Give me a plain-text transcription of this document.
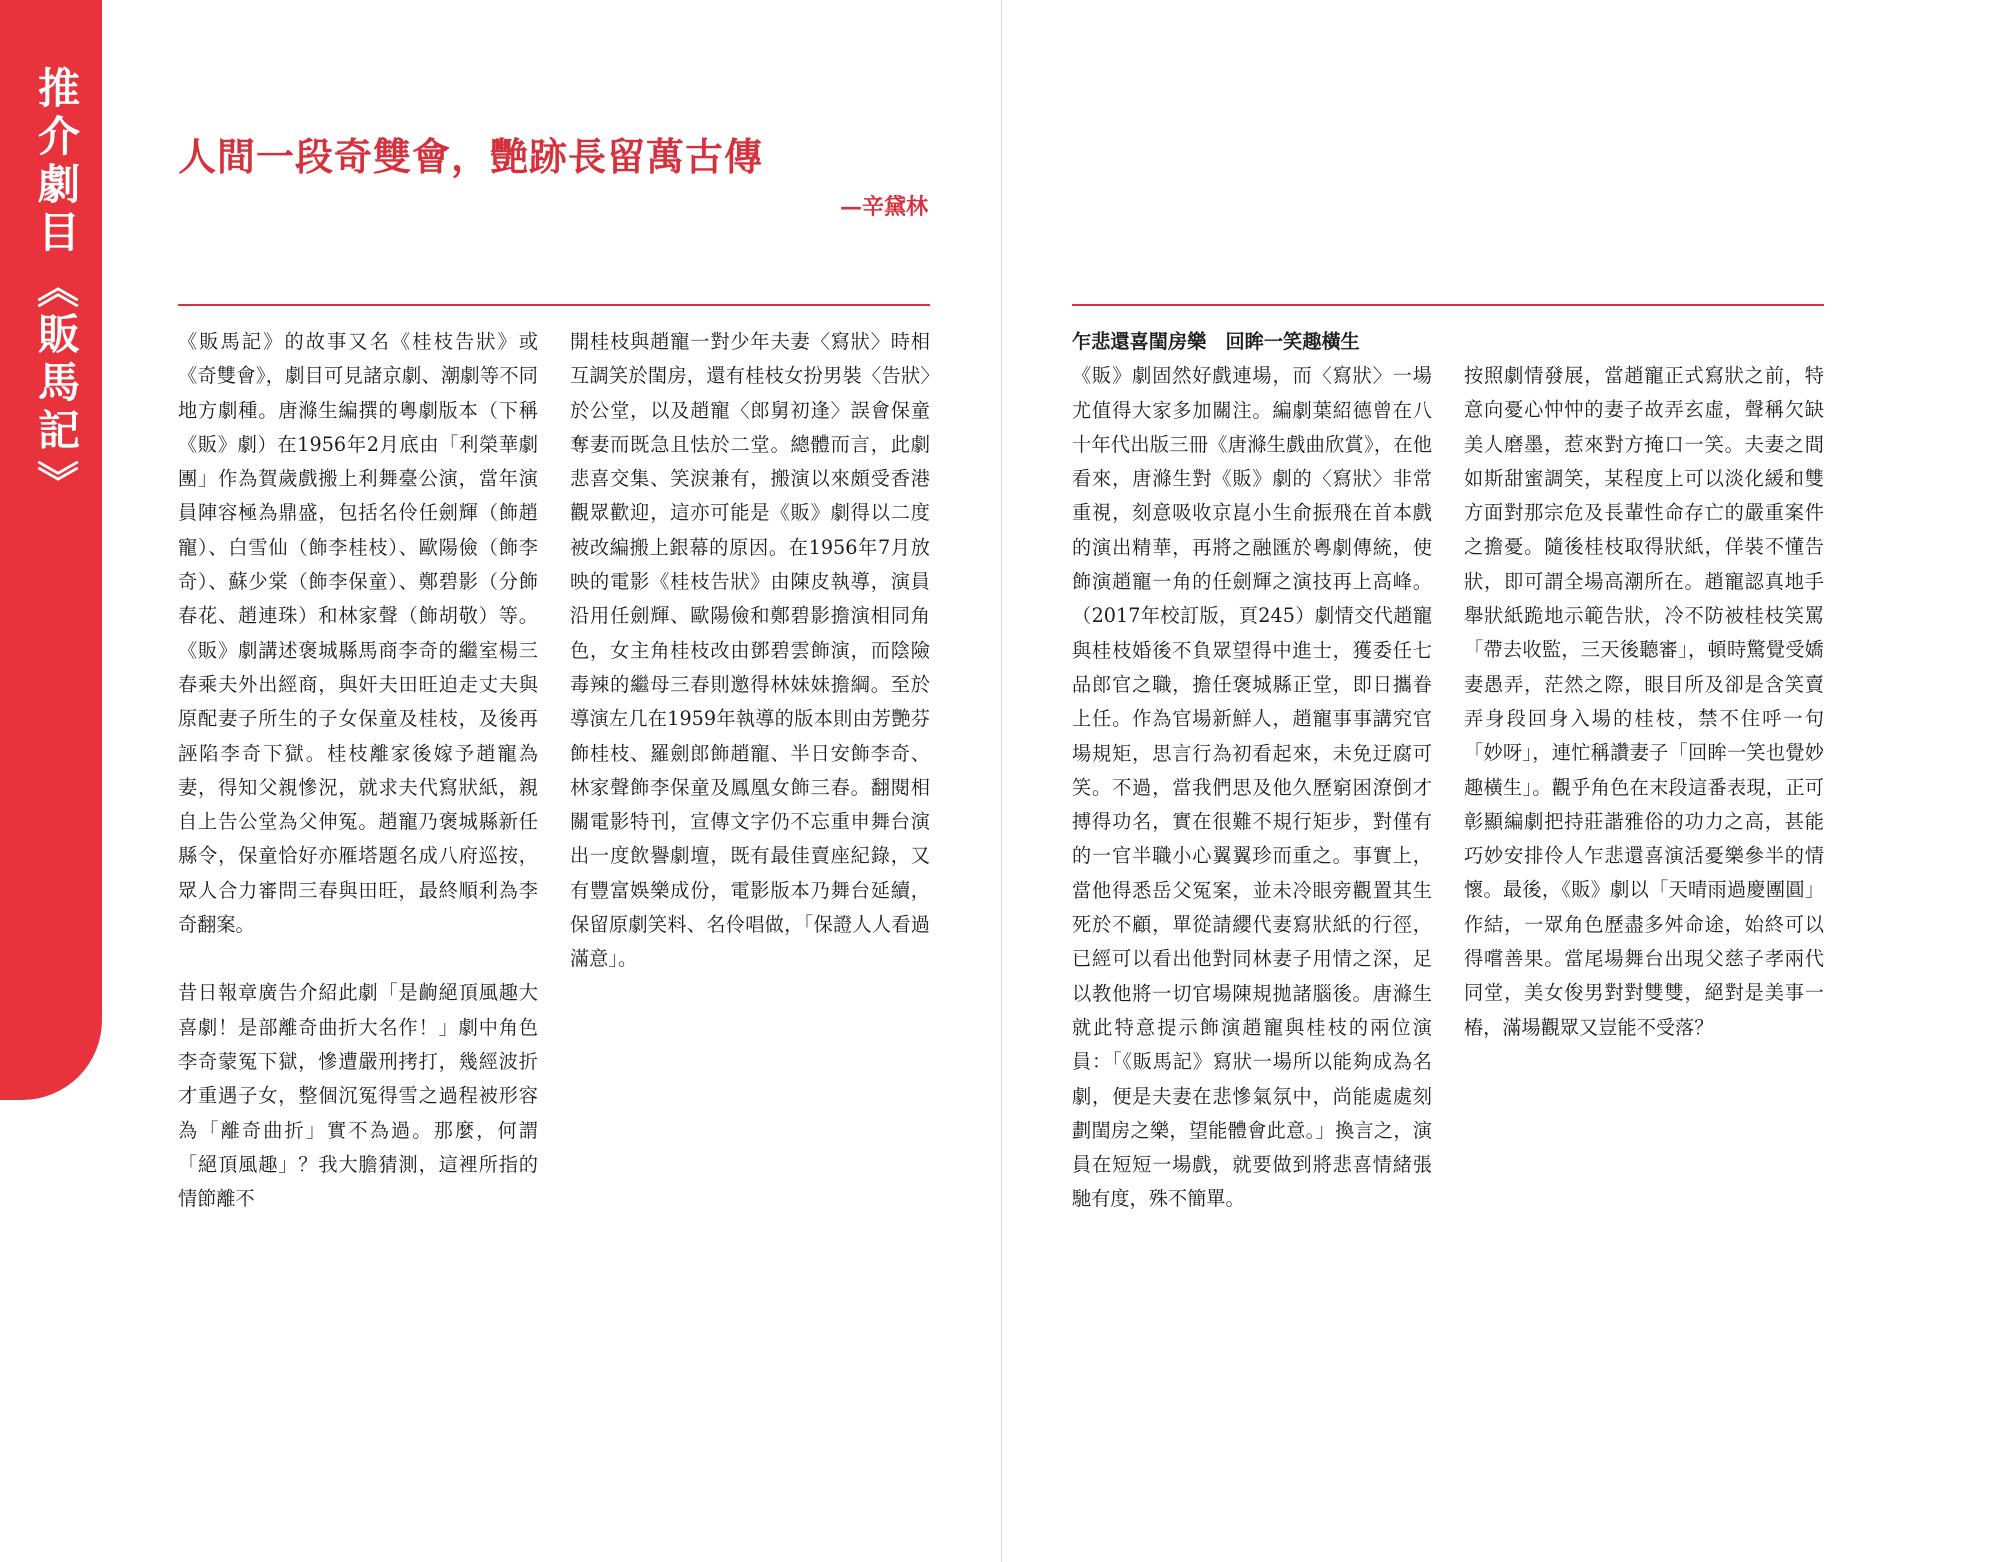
推介劇目
《
販馬記
》
人間一段奇雙會，艷跡長留萬古傳
—辛黛林

《販馬記》的故事又名《桂枝告狀》或《奇雙會》，劇目可見諸京劇、潮劇等不同地方劇種。唐滌生編撰的粵劇版本（下稱《販》劇）在1956年2月底由「利榮華劇團」作為賀歲戲搬上利舞臺公演，當年演員陣容極為鼎盛，包括名伶任劍輝（飾趙寵）、白雪仙（飾李桂枝）、歐陽儉（飾李奇）、蘇少棠（飾李保童）、鄭碧影（分飾春花、趙連珠）和林家聲（飾胡敬）等。《販》劇講述褒城縣馬商李奇的繼室楊三春乘夫外出經商，與奸夫田旺迫走丈夫與原配妻子所生的子女保童及桂枝，及後再誣陷李奇下獄。桂枝離家後嫁予趙寵為妻，得知父親慘況，就求夫代寫狀紙，親自上告公堂為父伸冤。趙寵乃褒城縣新任縣令，保童恰好亦雁塔題名成八府巡按，眾人合力審問三春與田旺，最終順利為李奇翻案。

昔日報章廣告介紹此劇「是齣絕頂風趣大喜劇！是部離奇曲折大名作！」劇中角色李奇蒙冤下獄，慘遭嚴刑拷打，幾經波折才重遇子女，整個沉冤得雪之過程被形容為「離奇曲折」實不為過。那麼，何謂「絕頂風趣」？我大膽猜測，這裡所指的情節離不

開桂枝與趙寵一對少年夫妻〈寫狀〉時相互調笑於閨房，還有桂枝女扮男裝〈告狀〉於公堂，以及趙寵〈郎舅初逢〉誤會保童奪妻而既急且怯於二堂。總體而言，此劇悲喜交集、笑淚兼有，搬演以來頗受香港觀眾歡迎，這亦可能是《販》劇得以二度被改編搬上銀幕的原因。在1956年7月放映的電影《桂枝告狀》由陳皮執導，演員沿用任劍輝、歐陽儉和鄭碧影擔演相同角色，女主角桂枝改由鄧碧雲飾演，而陰險毒辣的繼母三春則邀得林妹妹擔綱。至於導演左几在1959年執導的版本則由芳艷芬飾桂枝、羅劍郎飾趙寵、半日安飾李奇、林家聲飾李保童及鳳凰女飾三春。翻閱相關電影特刊，宣傳文字仍不忘重申舞台演出一度飲譽劇壇，既有最佳賣座紀錄，又有豐富娛樂成份，電影版本乃舞台延續，保留原劇笑料、名伶唱做，「保證人人看過滿意」。

乍悲還喜閨房樂　回眸一笑趣橫生

《販》劇固然好戲連場，而〈寫狀〉一場尤值得大家多加關注。編劇葉紹德曾在八十年代出版三冊《唐滌生戲曲欣賞》，在他看來，唐滌生對《販》劇的〈寫狀〉非常重視，刻意吸收京崑小生俞振飛在首本戲的演出精華，再將之融匯於粵劇傳統，使飾演趙寵一角的任劍輝之演技再上高峰。（2017年校訂版，頁245）劇情交代趙寵與桂枝婚後不負眾望得中進士，獲委任七品郎官之職，擔任褒城縣正堂，即日攜眷上任。作為官場新鮮人，趙寵事事講究官場規矩，思言行為初看起來，未免迂腐可笑。不過，當我們思及他久歷窮困潦倒才搏得功名，實在很難不規行矩步，對僅有的一官半職小心翼翼珍而重之。事實上，當他得悉岳父冤案，並未冷眼旁觀置其生死於不顧，單從請纓代妻寫狀紙的行徑，已經可以看出他對同林妻子用情之深，足以教他將一切官場陳規拋諸腦後。唐滌生就此特意提示飾演趙寵與桂枝的兩位演員：「《販馬記》寫狀一場所以能夠成為名劇，便是夫妻在悲慘氣氛中，尚能處處刻劃閨房之樂，望能體會此意。」換言之，演員在短短一場戲，就要做到將悲喜情緒張馳有度，殊不簡單。

按照劇情發展，當趙寵正式寫狀之前，特意向憂心忡忡的妻子故弄玄虛，聲稱欠缺美人磨墨，惹來對方掩口一笑。夫妻之間如斯甜蜜調笑，某程度上可以淡化緩和雙方面對那宗危及長輩性命存亡的嚴重案件之擔憂。隨後桂枝取得狀紙，佯裝不懂告狀，即可謂全場高潮所在。趙寵認真地手舉狀紙跪地示範告狀，冷不防被桂枝笑罵「帶去收監，三天後聽審」，頓時驚覺受嬌妻愚弄，茫然之際，眼目所及卻是含笑賣弄身段回身入場的桂枝，禁不住呼一句「妙呀」，連忙稱讚妻子「回眸一笑也覺妙趣橫生」。觀乎角色在末段這番表現，正可彰顯編劇把持莊諧雅俗的功力之高，甚能巧妙安排伶人乍悲還喜演活憂樂參半的情懷。最後，《販》劇以「天晴雨過慶團圓」作結，一眾角色歷盡多舛命途，始終可以得嚐善果。當尾場舞台出現父慈子孝兩代同堂，美女俊男對對雙雙，絕對是美事一樁，滿場觀眾又豈能不受落？
